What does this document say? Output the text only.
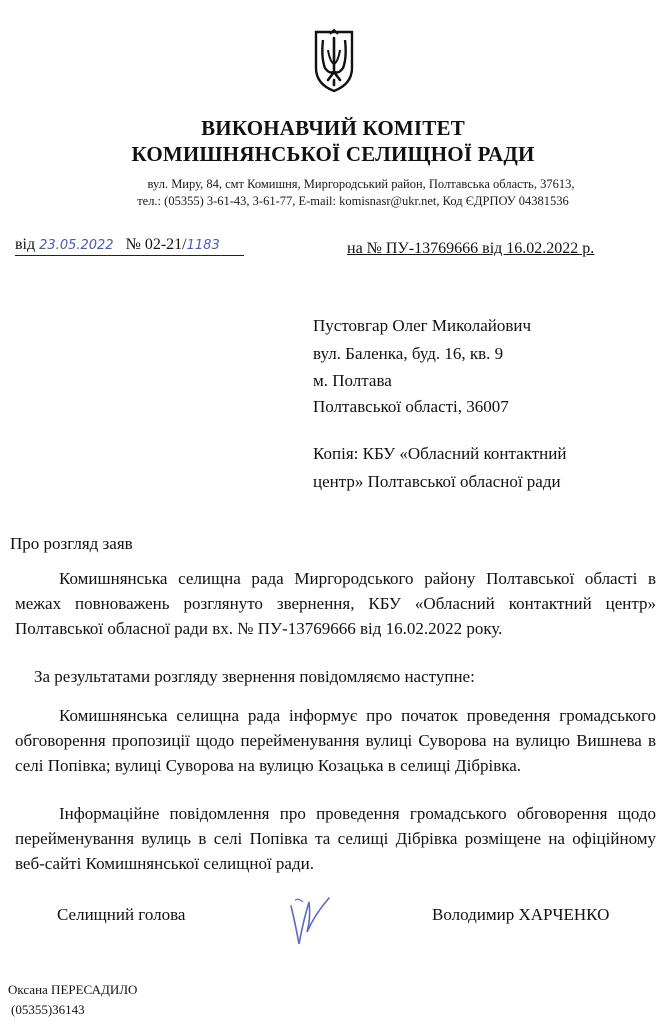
ВИКОНАВЧИЙ КОМІТЕТ
КОМИШНЯНСЬКОЇ СЕЛИЩНОЇ РАДИ
вул. Миру, 84, смт Комишня, Миргородський район, Полтавська область, 37613,
тел.: (05355) 3-61-43, 3-61-77, E-mail: komisnasr@ukr.net, Код ЄДРПОУ 04381536
від 23.05.2022 № 02-21/1183	на № ПУ-13769666 від 16.02.2022 р.
Пустовгар Олег Миколайович
вул. Баленка, буд. 16, кв. 9
м. Полтава
Полтавської області, 36007
Копія: КБУ «Обласний контактний
центр» Полтавської обласної ради
Про розгляд заяв
Комишнянська селищна рада Миргородського району Полтавської області в межах повноважень розглянуто звернення, КБУ «Обласний контактний центр» Полтавської обласної ради вх. № ПУ-13769666 від 16.02.2022 року.
За результатами розгляду звернення повідомляємо наступне:
Комишнянська селищна рада інформує про початок проведення громадського обговорення пропозиції щодо перейменування вулиці Суворова на вулицю Вишнева в селі Попівка; вулиці Суворова на вулицю Козацька в селищі Дібрівка.
Інформаційне повідомлення про проведення громадського обговорення щодо перейменування вулиць в селі Попівка та селищі Дібрівка розміщене на офіційному веб-сайті Комишнянської селищної ради.
Селищний голова	Володимир ХАРЧЕНКО
Оксана ПЕРЕСАДИЛО
(05355)36143
